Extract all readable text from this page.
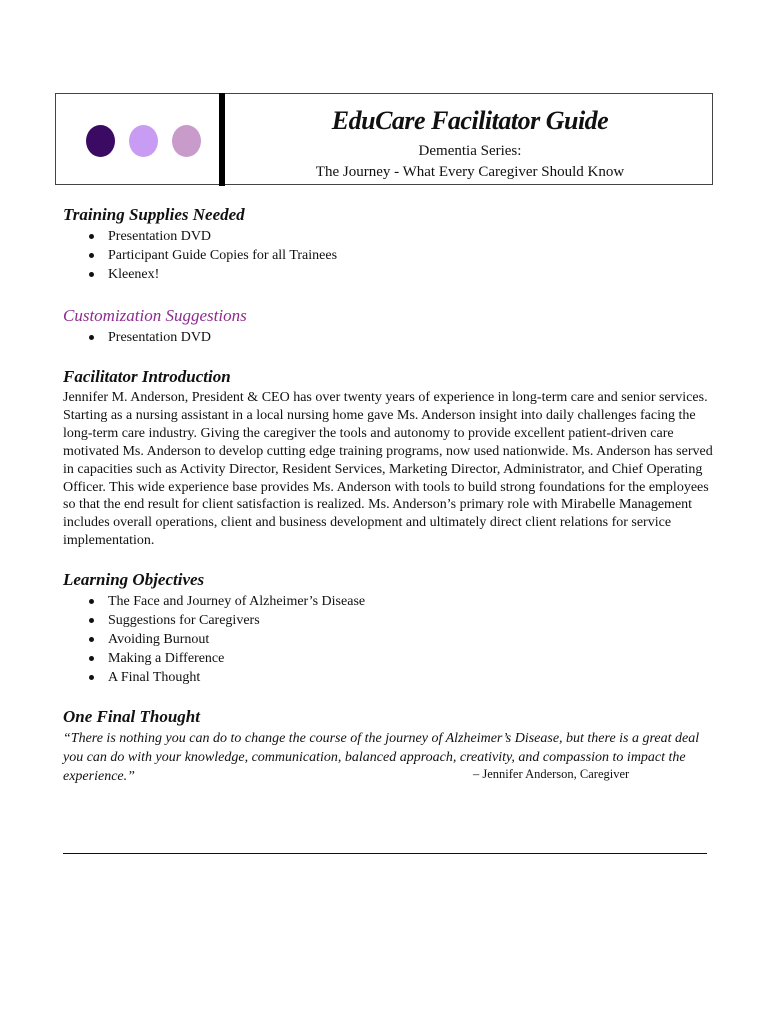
EduCare Facilitator Guide
Dementia Series:
The Journey - What Every Caregiver Should Know
Training Supplies Needed
Presentation DVD
Participant Guide Copies for all Trainees
Kleenex!
Customization Suggestions
Presentation DVD
Facilitator Introduction

Jennifer M. Anderson, President & CEO has over twenty years of experience in long-term care and senior services. Starting as a nursing assistant in a local nursing home gave Ms. Anderson insight into daily challenges facing the long-term care industry. Giving the caregiver the tools and autonomy to provide excellent patient-driven care motivated Ms. Anderson to develop cutting edge training programs, now used nationwide. Ms. Anderson has served in capacities such as Activity Director, Resident Services, Marketing Director, Administrator, and Chief Operating Officer. This wide experience base provides Ms. Anderson with tools to build strong foundations for the employees so that the end result for client satisfaction is realized. Ms. Anderson’s primary role with Mirabelle Management includes overall operations, client and business development and ultimately direct client relations for service implementation.

Learning Objectives
The Face and Journey of Alzheimer’s Disease
Suggestions for Caregivers
Avoiding Burnout
Making a Difference
A Final Thought
One Final Thought

“There is nothing you can do to change the course of the journey of Alzheimer’s Disease, but there is a great deal you can do with your knowledge, communication, balanced approach, creativity, and compassion to impact the experience.”	– Jennifer Anderson, Caregiver
